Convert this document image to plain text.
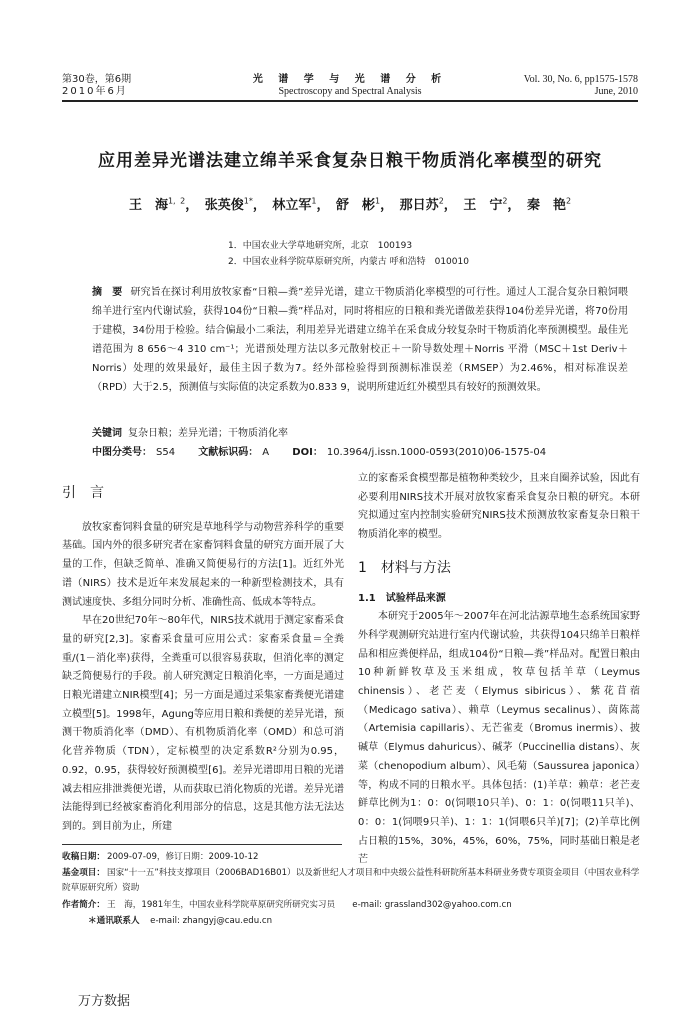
第30卷，第6期
2010年6月
光 谱 学 与 光 谱 分 析
Spectroscopy and Spectral Analysis
Vol. 30, No. 6, pp1575-1578
June, 2010
应用差异光谱法建立绵羊采食复杂日粮干物质消化率模型的研究
王　海$^{1, 2}$， 张英俊$^{1*}$， 林立军$^1$， 舒　彬$^1$， 那日苏$^2$， 王　宁$^2$， 秦　艳$^2$
1．中国农业大学草地研究所，北京　100193
2．中国农业科学院草原研究所，内蒙古 呼和浩特　010010
摘　要 研究旨在探讨利用放牧家畜“日粮—粪”差异光谱，建立干物质消化率模型的可行性。通过人工混合复杂日粮饲喂绵羊进行室内代谢试验，获得104份“日粮—粪”样品对，同时将相应的日粮和粪光谱做差获得104份差异光谱，将70份用于建模，34份用于检验。结合偏最小二乘法，利用差异光谱建立绵羊在采食成分较复杂时干物质消化率预测模型。最佳光谱范围为 8 656～4 310 cm⁻¹；光谱预处理方法以多元散射校正＋一阶导数处理＋Norris 平滑（MSC＋1st Deriv＋Norris）处理的效果最好，最佳主因子数为7。经外部检验得到预测标准误差（RMSEP）为2.46%，相对标准误差（RPD）大于2.5，预测值与实际值的决定系数为0.833 9，说明所建近红外模型具有较好的预测效果。
关键词 复杂日粮；差异光谱；干物质消化率
中图分类号： S54 文献标识码： A DOI： 10.3964/j.issn.1000-0593(2010)06-1575-04
引　言

放牧家畜饲料食量的研究是草地科学与动物营养科学的重要基础。国内外的很多研究者在家畜饲料食量的研究方面开展了大量的工作，但缺乏简单、准确又简便易行的方法[1]。近红外光谱（NIRS）技术是近年来发展起来的一种新型检测技术，具有测试速度快、多组分同时分析、准确性高、低成本等特点。

早在20世纪70年～80年代，NIRS技术就用于测定家畜采食量的研究[2,3]。家畜采食量可应用公式：家畜采食量＝全粪重/(1－消化率)获得，全粪重可以很容易获取，但消化率的测定缺乏简便易行的手段。前人研究测定日粮消化率，一方面是通过日粮光谱建立NIR模型[4]；另一方面是通过采集家畜粪便光谱建立模型[5]。1998年，Agung等应用日粮和粪便的差异光谱，预测干物质消化率（DMD）、有机物质消化率（OMD）和总可消化营养物质（TDN），定标模型的决定系数R²分别为0.95，0.92，0.95，获得较好预测模型[6]。差异光谱即用日粮的光谱减去相应排泄粪便光谱，从而获取已消化物质的光谱。差异光谱法能得到已经被家畜消化利用部分的信息，这是其他方法无法达到的。到目前为止，所建

立的家畜采食模型都是植物种类较少，且来自圈养试验，因此有必要利用NIRS技术开展对放牧家畜采食复杂日粮的研究。本研究拟通过室内控制实验研究NIRS技术预测放牧家畜复杂日粮干物质消化率的模型。
1　材料与方法
1.1　试验样品来源

本研究于2005年～2007年在河北沽源草地生态系统国家野外科学观测研究站进行室内代谢试验，共获得104只绵羊日粮样品和相应粪便样品，组成104份“日粮—粪”样品对。配置日粮由10种新鲜牧草及玉米组成，牧草包括羊草（Leymus chinensis）、老芒麦（Elymus sibiricus）、紫花苜蓿（Medicago sativa）、赖草（Leymus secalinus）、茵陈蒿（Artemisia capillaris）、无芒雀麦（Bromus inermis）、披碱草（Elymus dahuricus）、碱茅（Puccinellia distans）、灰菜（chenopodium album）、风毛菊（Saussurea japonica）等，构成不同的日粮水平。具体包括：(1)羊草：赖草：老芒麦鲜草比例为1：0：0(饲喂10只羊)、0：1：0(饲喂11只羊)、0：0：1(饲喂9只羊)、1：1：1(饲喂6只羊)[7]；(2)羊草比例占日粮的15%，30%，45%，60%，75%，同时基础日粮是老芒

收稿日期： 2009-07-09，修订日期：2009-10-12
基金项目： 国家“十一五”科技支撑项目（2006BAD16B01）以及新世纪人才项目和中央级公益性科研院所基本科研业务费专项资金项目（中国农业科学院草原研究所）资助
作者简介： 王　海，1981年生，中国农业科学院草原研究所研究实习员　　e-mail: grassland302@yahoo.com.cn
＊通讯联系人　e-mail: zhangyj@cau.edu.cn
万方数据
